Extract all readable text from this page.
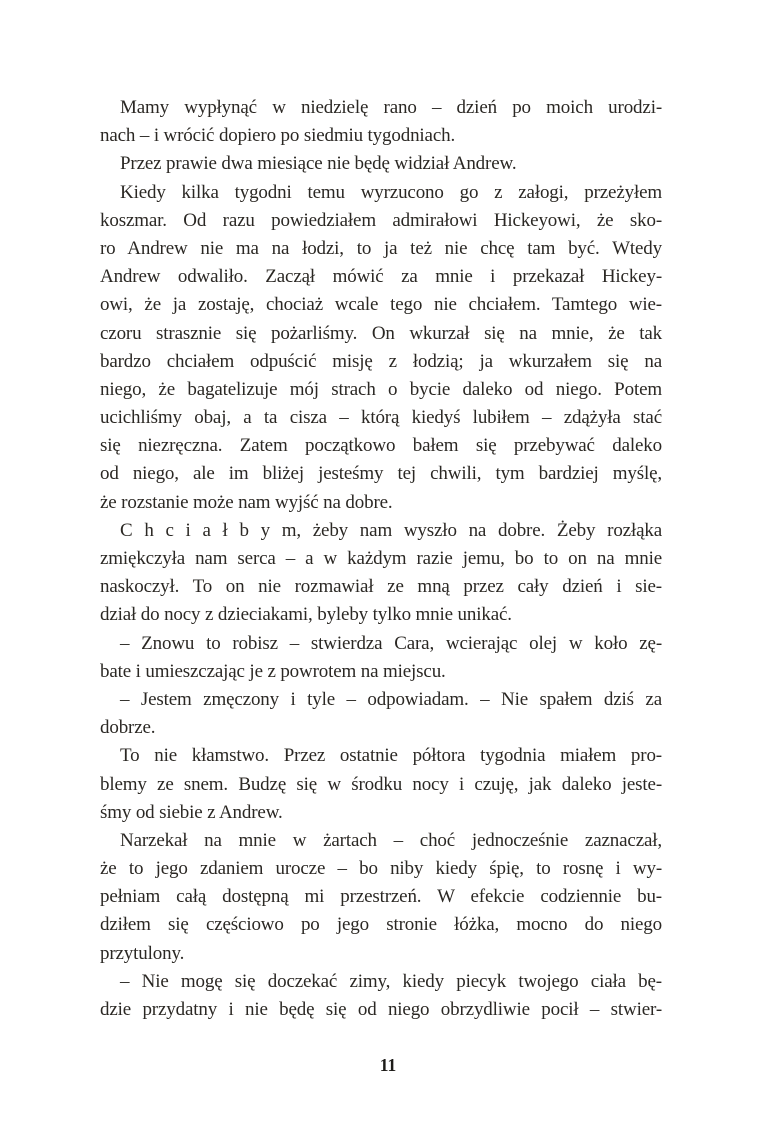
Mamy wypłynąć w niedzielę rano – dzień po moich urodzi-
nach – i wrócić dopiero po siedmiu tygodniach.
Przez prawie dwa miesiące nie będę widział Andrew.
Kiedy kilka tygodni temu wyrzucono go z załogi, przeżyłem
koszmar. Od razu powiedziałem admirałowi Hickeyowi, że sko-
ro Andrew nie ma na łodzi, to ja też nie chcę tam być. Wtedy
Andrew odwaliło. Zaczął mówić za mnie i przekazał Hickey-
owi, że ja zostaję, chociaż wcale tego nie chciałem. Tamtego wie-
czoru strasznie się pożarliśmy. On wkurzał się na mnie, że tak
bardzo chciałem odpuścić misję z łodzią; ja wkurzałem się na
niego, że bagatelizuje mój strach o bycie daleko od niego. Potem
ucichliśmy obaj, a ta cisza – którą kiedyś lubiłem – zdążyła stać
się niezręczna. Zatem początkowo bałem się przebywać daleko
od niego, ale im bliżej jesteśmy tej chwili, tym bardziej myślę,
że rozstanie może nam wyjść na dobre.
C h c i a ł b y m, żeby nam wyszło na dobre. Żeby rozłąka
zmiękczyła nam serca – a w każdym razie jemu, bo to on na mnie
naskoczył. To on nie rozmawiał ze mną przez cały dzień i sie-
dział do nocy z dzieciakami, byleby tylko mnie unikać.
– Znowu to robisz – stwierdza Cara, wcierając olej w koło zę-
bate i umieszczając je z powrotem na miejscu.
– Jestem zmęczony i tyle – odpowiadam. – Nie spałem dziś za
dobrze.
To nie kłamstwo. Przez ostatnie półtora tygodnia miałem pro-
blemy ze snem. Budzę się w środku nocy i czuję, jak daleko jeste-
śmy od siebie z Andrew.
Narzekał na mnie w żartach – choć jednocześnie zaznaczał,
że to jego zdaniem urocze – bo niby kiedy śpię, to rosnę i wy-
pełniam całą dostępną mi przestrzeń. W efekcie codziennie bu-
dziłem się częściowo po jego stronie łóżka, mocno do niego
przytulony.
– Nie mogę się doczekać zimy, kiedy piecyk twojego ciała bę-
dzie przydatny i nie będę się od niego obrzydliwie pocił – stwier-
11
